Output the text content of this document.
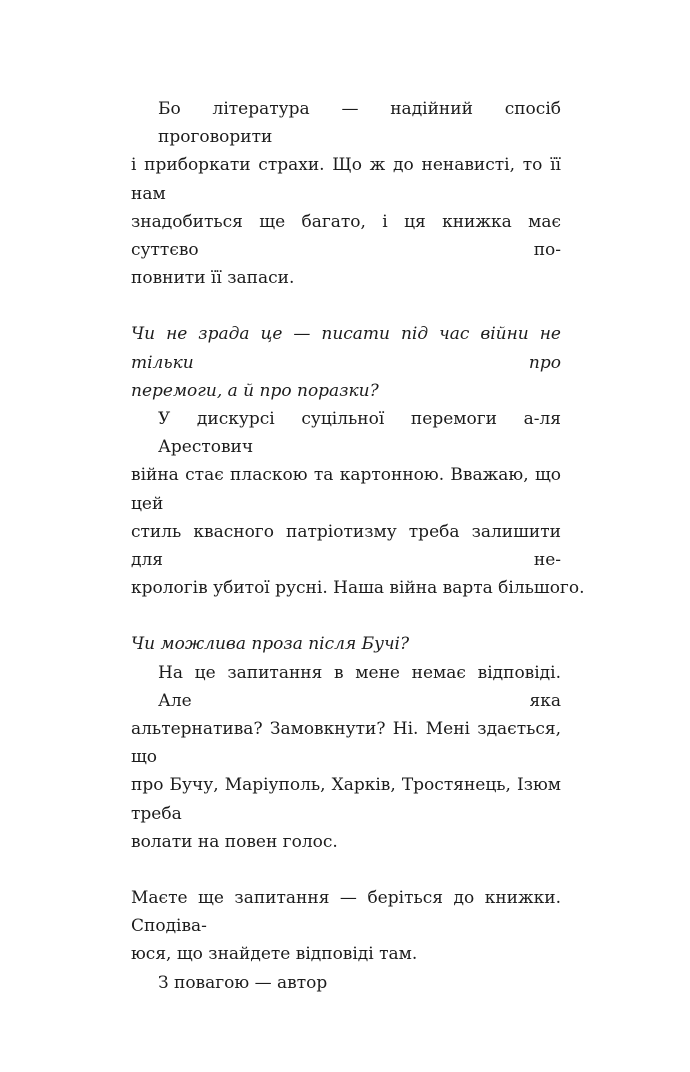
Бо література — надійний спосіб проговорити
і приборкати страхи. Що ж до ненависті, то її нам
знадобиться ще багато, і ця книжка має суттєво по-
повнити її запаси.
Чи не зрада це — писати під час війни не тільки про
перемоги, а й про поразки?
У дискурсі суцільної перемоги а-ля Арестович
війна стає плаcкою та картонною. Вважаю, що цей
стиль кваcного патріотизму треба залишити для не-
крологів убитої русні. Наша війна варта більшого.
Чи можлива проза після Бучі?
На це запитання в мене немає відповіді. Але яка
альтернатива? Замовкнути? Ні. Мені здається, що
про Бучу, Маріуполь, Харків, Тростянець, Ізюм треба
волати на повен голос.
Маєте ще запитання — беріться до книжки. Сподіва-
юся, що знайдете відповіді там.
З повагою — автор
